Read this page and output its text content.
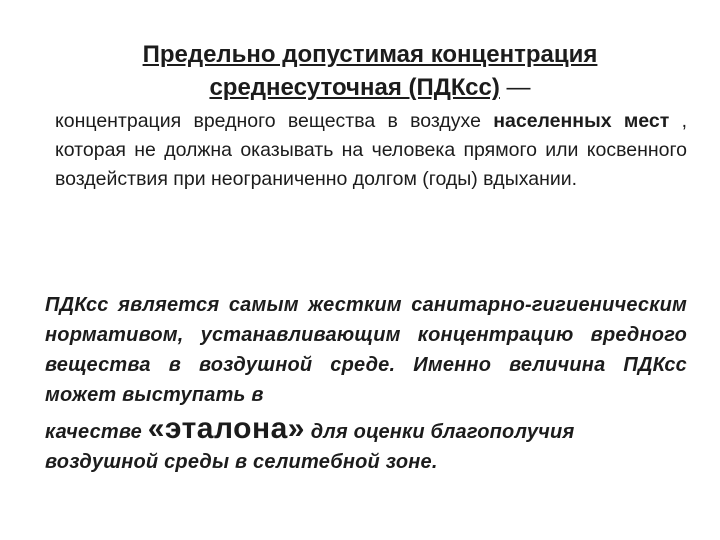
Предельно допустимая концентрация
среднесуточная (ПДКсс) —
концентрация вредного вещества в воздухе населенных мест , которая не должна оказывать на человека прямого или косвенного воздействия при неограниченно долгом (годы) вдыхании.
ПДКсс является самым жестким санитарно-гигиеническим нормативом, устанавливающим концентрацию вредного вещества в воздушной среде. Именно величина ПДКсс может выступать в
качестве «эталона» для оценки благополучия
воздушной среды в селитебной зоне.
